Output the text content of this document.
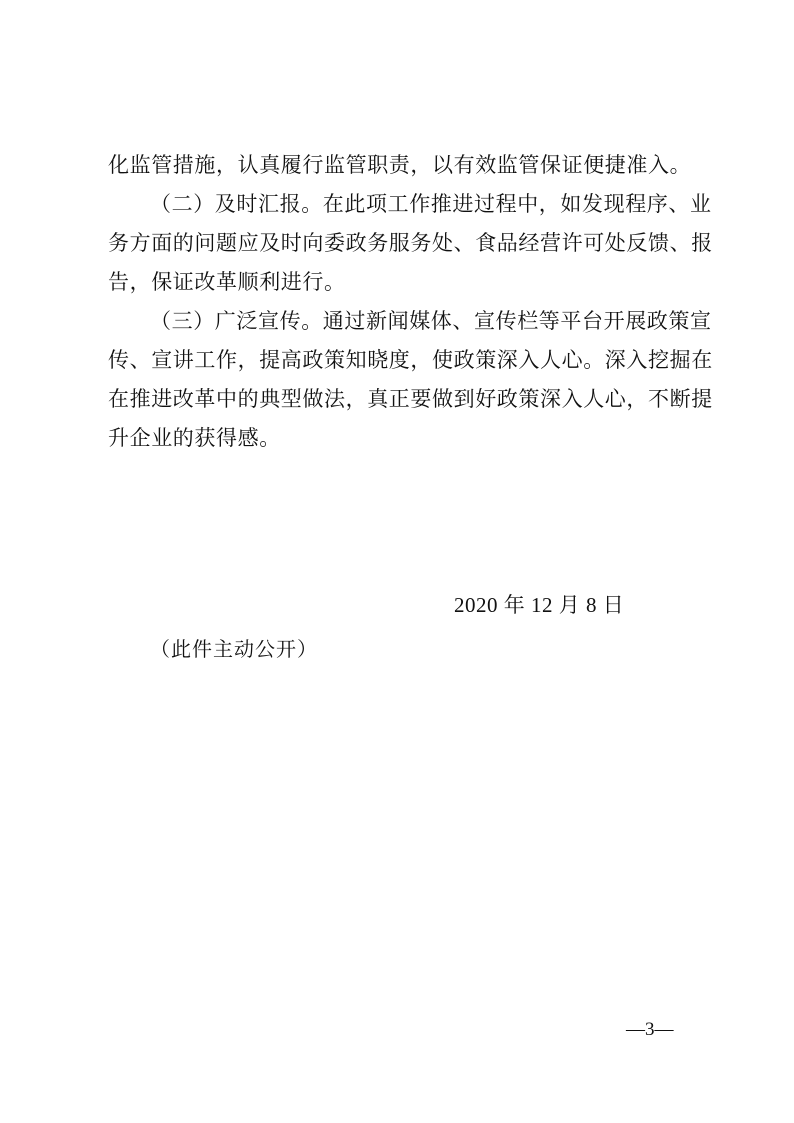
化监管措施，认真履行监管职责，以有效监管保证便捷准入。
（二）及时汇报。在此项工作推进过程中，如发现程序、业
务方面的问题应及时向委政务服务处、食品经营许可处反馈、报
告，保证改革顺利进行。
（三）广泛宣传。通过新闻媒体、宣传栏等平台开展政策宣
传、宣讲工作，提高政策知晓度，使政策深入人心。深入挖掘在
在推进改革中的典型做法，真正要做到好政策深入人心，不断提
升企业的获得感。
2020 年 12 月 8 日
（此件主动公开）
—3—
